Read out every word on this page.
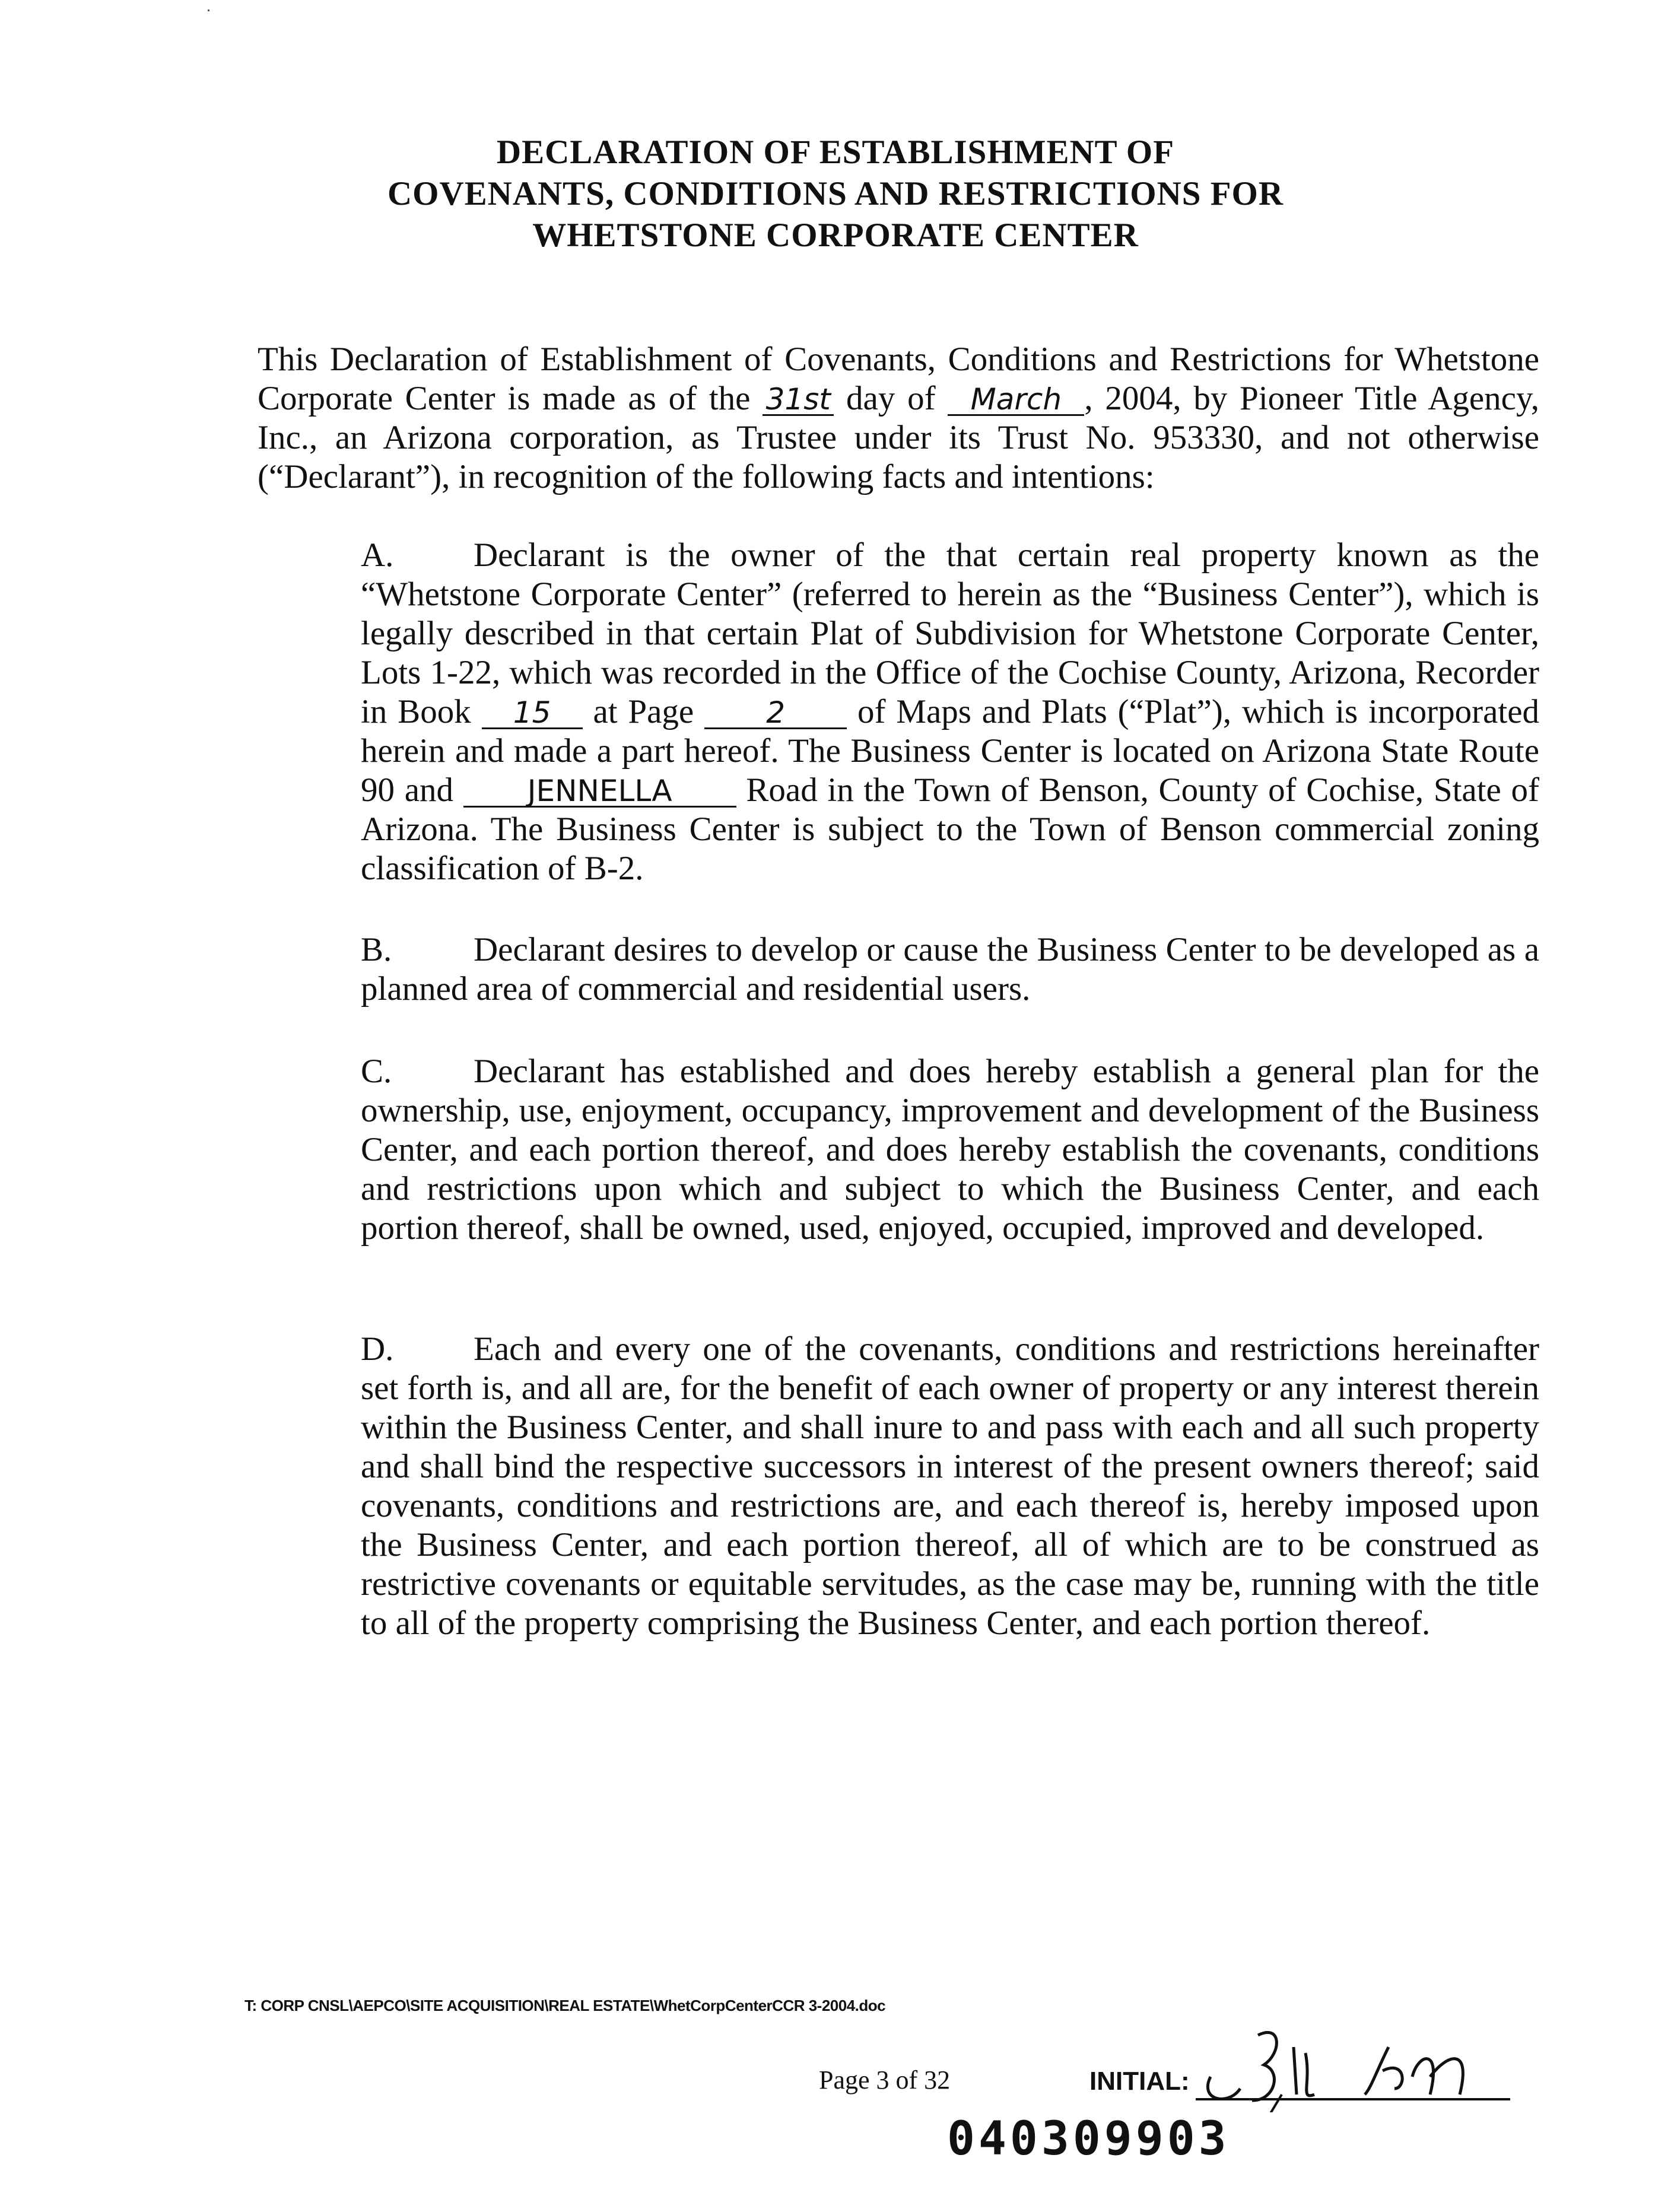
DECLARATION OF ESTABLISHMENT OF
COVENANTS, CONDITIONS AND RESTRICTIONS FOR
WHETSTONE CORPORATE CENTER
This Declaration of Establishment of Covenants, Conditions and Restrictions for Whetstone Corporate Center is made as of the 31st day of March , 2004, by Pioneer Title Agency, Inc., an Arizona corporation, as Trustee under its Trust No. 953330, and not otherwise (“Declarant”), in recognition of the following facts and intentions:
A. Declarant is the owner of the that certain real property known as the “Whetstone Corporate Center” (referred to herein as the “Business Center”), which is legally described in that certain Plat of Subdivision for Whetstone Corporate Center, Lots 1-22, which was recorded in the Office of the Cochise County, Arizona, Recorder in Book 15 at Page 2 of Maps and Plats (“Plat”), which is incorporated herein and made a part hereof. The Business Center is located on Arizona State Route 90 and JENNELLA Road in the Town of Benson, County of Cochise, State of Arizona. The Business Center is subject to the Town of Benson commercial zoning classification of B-2.
B. Declarant desires to develop or cause the Business Center to be developed as a planned area of commercial and residential users.
C. Declarant has established and does hereby establish a general plan for the ownership, use, enjoyment, occupancy, improvement and development of the Business Center, and each portion thereof, and does hereby establish the covenants, conditions and restrictions upon which and subject to which the Business Center, and each portion thereof, shall be owned, used, enjoyed, occupied, improved and developed.
D. Each and every one of the covenants, conditions and restrictions hereinafter set forth is, and all are, for the benefit of each owner of property or any interest therein within the Business Center, and shall inure to and pass with each and all such property and shall bind the respective successors in interest of the present owners thereof; said covenants, conditions and restrictions are, and each thereof is, hereby imposed upon the Business Center, and each portion thereof, all of which are to be construed as restrictive covenants or equitable servitudes, as the case may be, running with the title to all of the property comprising the Business Center, and each portion thereof.
T: CORP CNSL\AEPCO\SITE ACQUISITION\REAL ESTATE\WhetCorpCenterCCR 3-2004.doc
Page 3 of 32	INITIAL:
040309903
